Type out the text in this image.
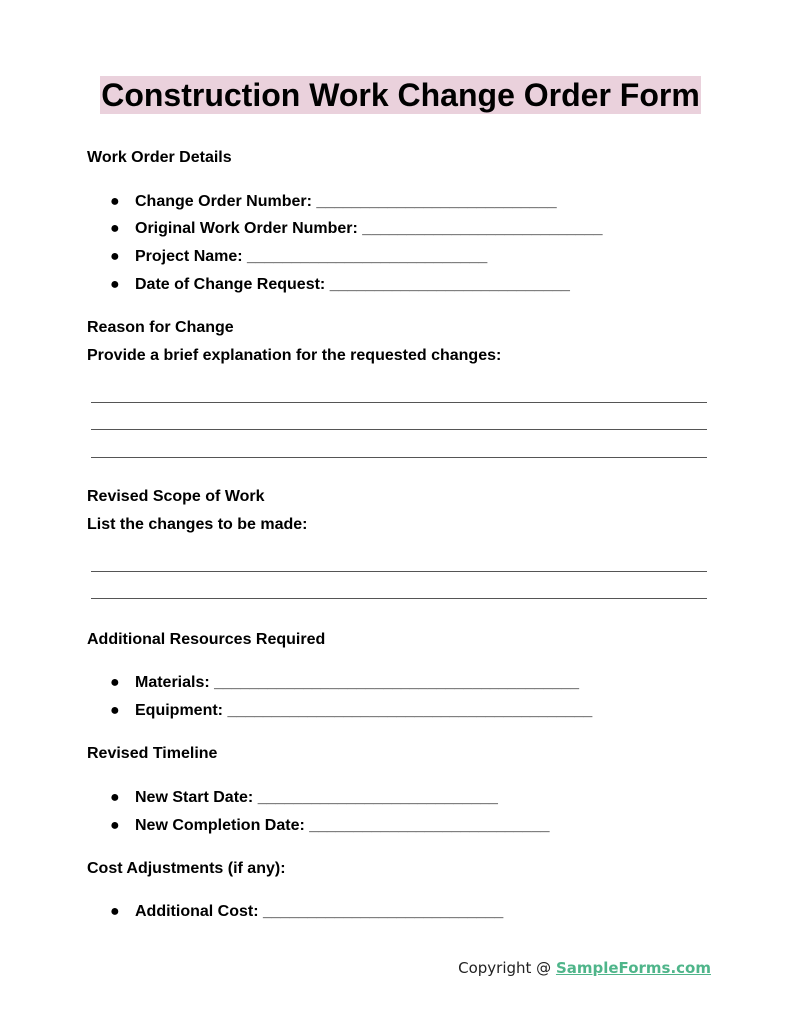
Construction Work Change Order Form
Work Order Details
● Change Order Number: ___________________________
● Original Work Order Number: ___________________________
● Project Name: ___________________________
● Date of Change Request: ___________________________
Reason for Change
Provide a brief explanation for the requested changes:
Revised Scope of Work
List the changes to be made:
Additional Resources Required
● Materials: _________________________________________
● Equipment: _________________________________________
Revised Timeline
● New Start Date: ___________________________
● New Completion Date: ___________________________
Cost Adjustments (if any):
● Additional Cost: ___________________________
Copyright @ SampleForms.com
